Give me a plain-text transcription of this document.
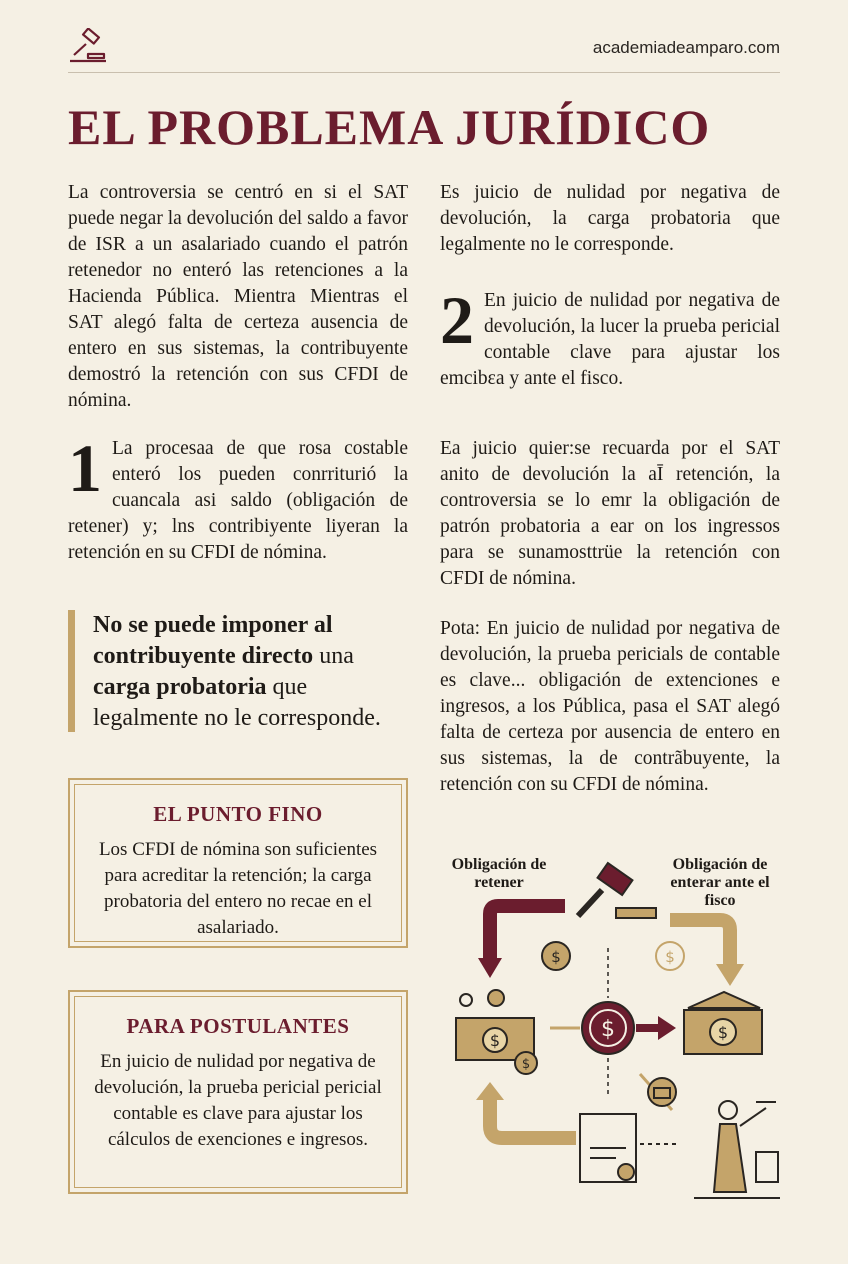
academiadeamparo.com
EL PROBLEMA JURÍDICO

La controversia se centró en si el SAT puede negar la devolución del saldo a favor de ISR a un asalariado cuando el patrón retenedor no enteró las retenciones a la Hacienda Pública. Mientra Mientras el SAT alegó falta de certeza ausencia de entero en sus sistemas, la contribuyente demostró la retención con sus CFDI de nómina.

1 La procesaa de que rosa costable enteró los pueden conrriturió la cuancala asi saldo (obligación de retener) y; lns contribiyente liyeran la retención en su CFDI de nómina.

No se puede imponer al contribuyente directo una carga probatoria que legalmente no le corresponde.
EL PUNTO FINO

Los CFDI de nómina son suficientes para acreditar la retención; la carga probatoria del entero no recae en el asalariado.

PARA POSTULANTES

En juicio de nulidad por negativa de devolución, la prueba pericial pericial contable es clave para ajustar los cálculos de exenciones e ingresos.

Es juicio de nulidad por negativa de devolución, la carga probatoria que legalmente no le corresponde.

2 En juicio de nulidad por negativa de devolución, la lucer la prueba pericial contable clave para ajustar los emcibɛa y ante el fisco.

Ea juicio quier:se recuarda por el SAT anito de devolución la aĪ retención, la controversia se lo emr la obligación de patrón probatoria a ear on los ingressos para se sunamosttrüe la retención con CFDI de nómina.

Pota: En juicio de nulidad por negativa de devolución, la prueba pericials de contable es clave... obligación de extenciones e ingresos, a los Pública, pasa el SAT alegó falta de certeza por ausencia de entero en sus sistemas, la de contrãbuyente, la retención con su CFDI de nómina.

Obligación de retener
Obligación de enterar ante el fisco
$
$
$	$
$	$
